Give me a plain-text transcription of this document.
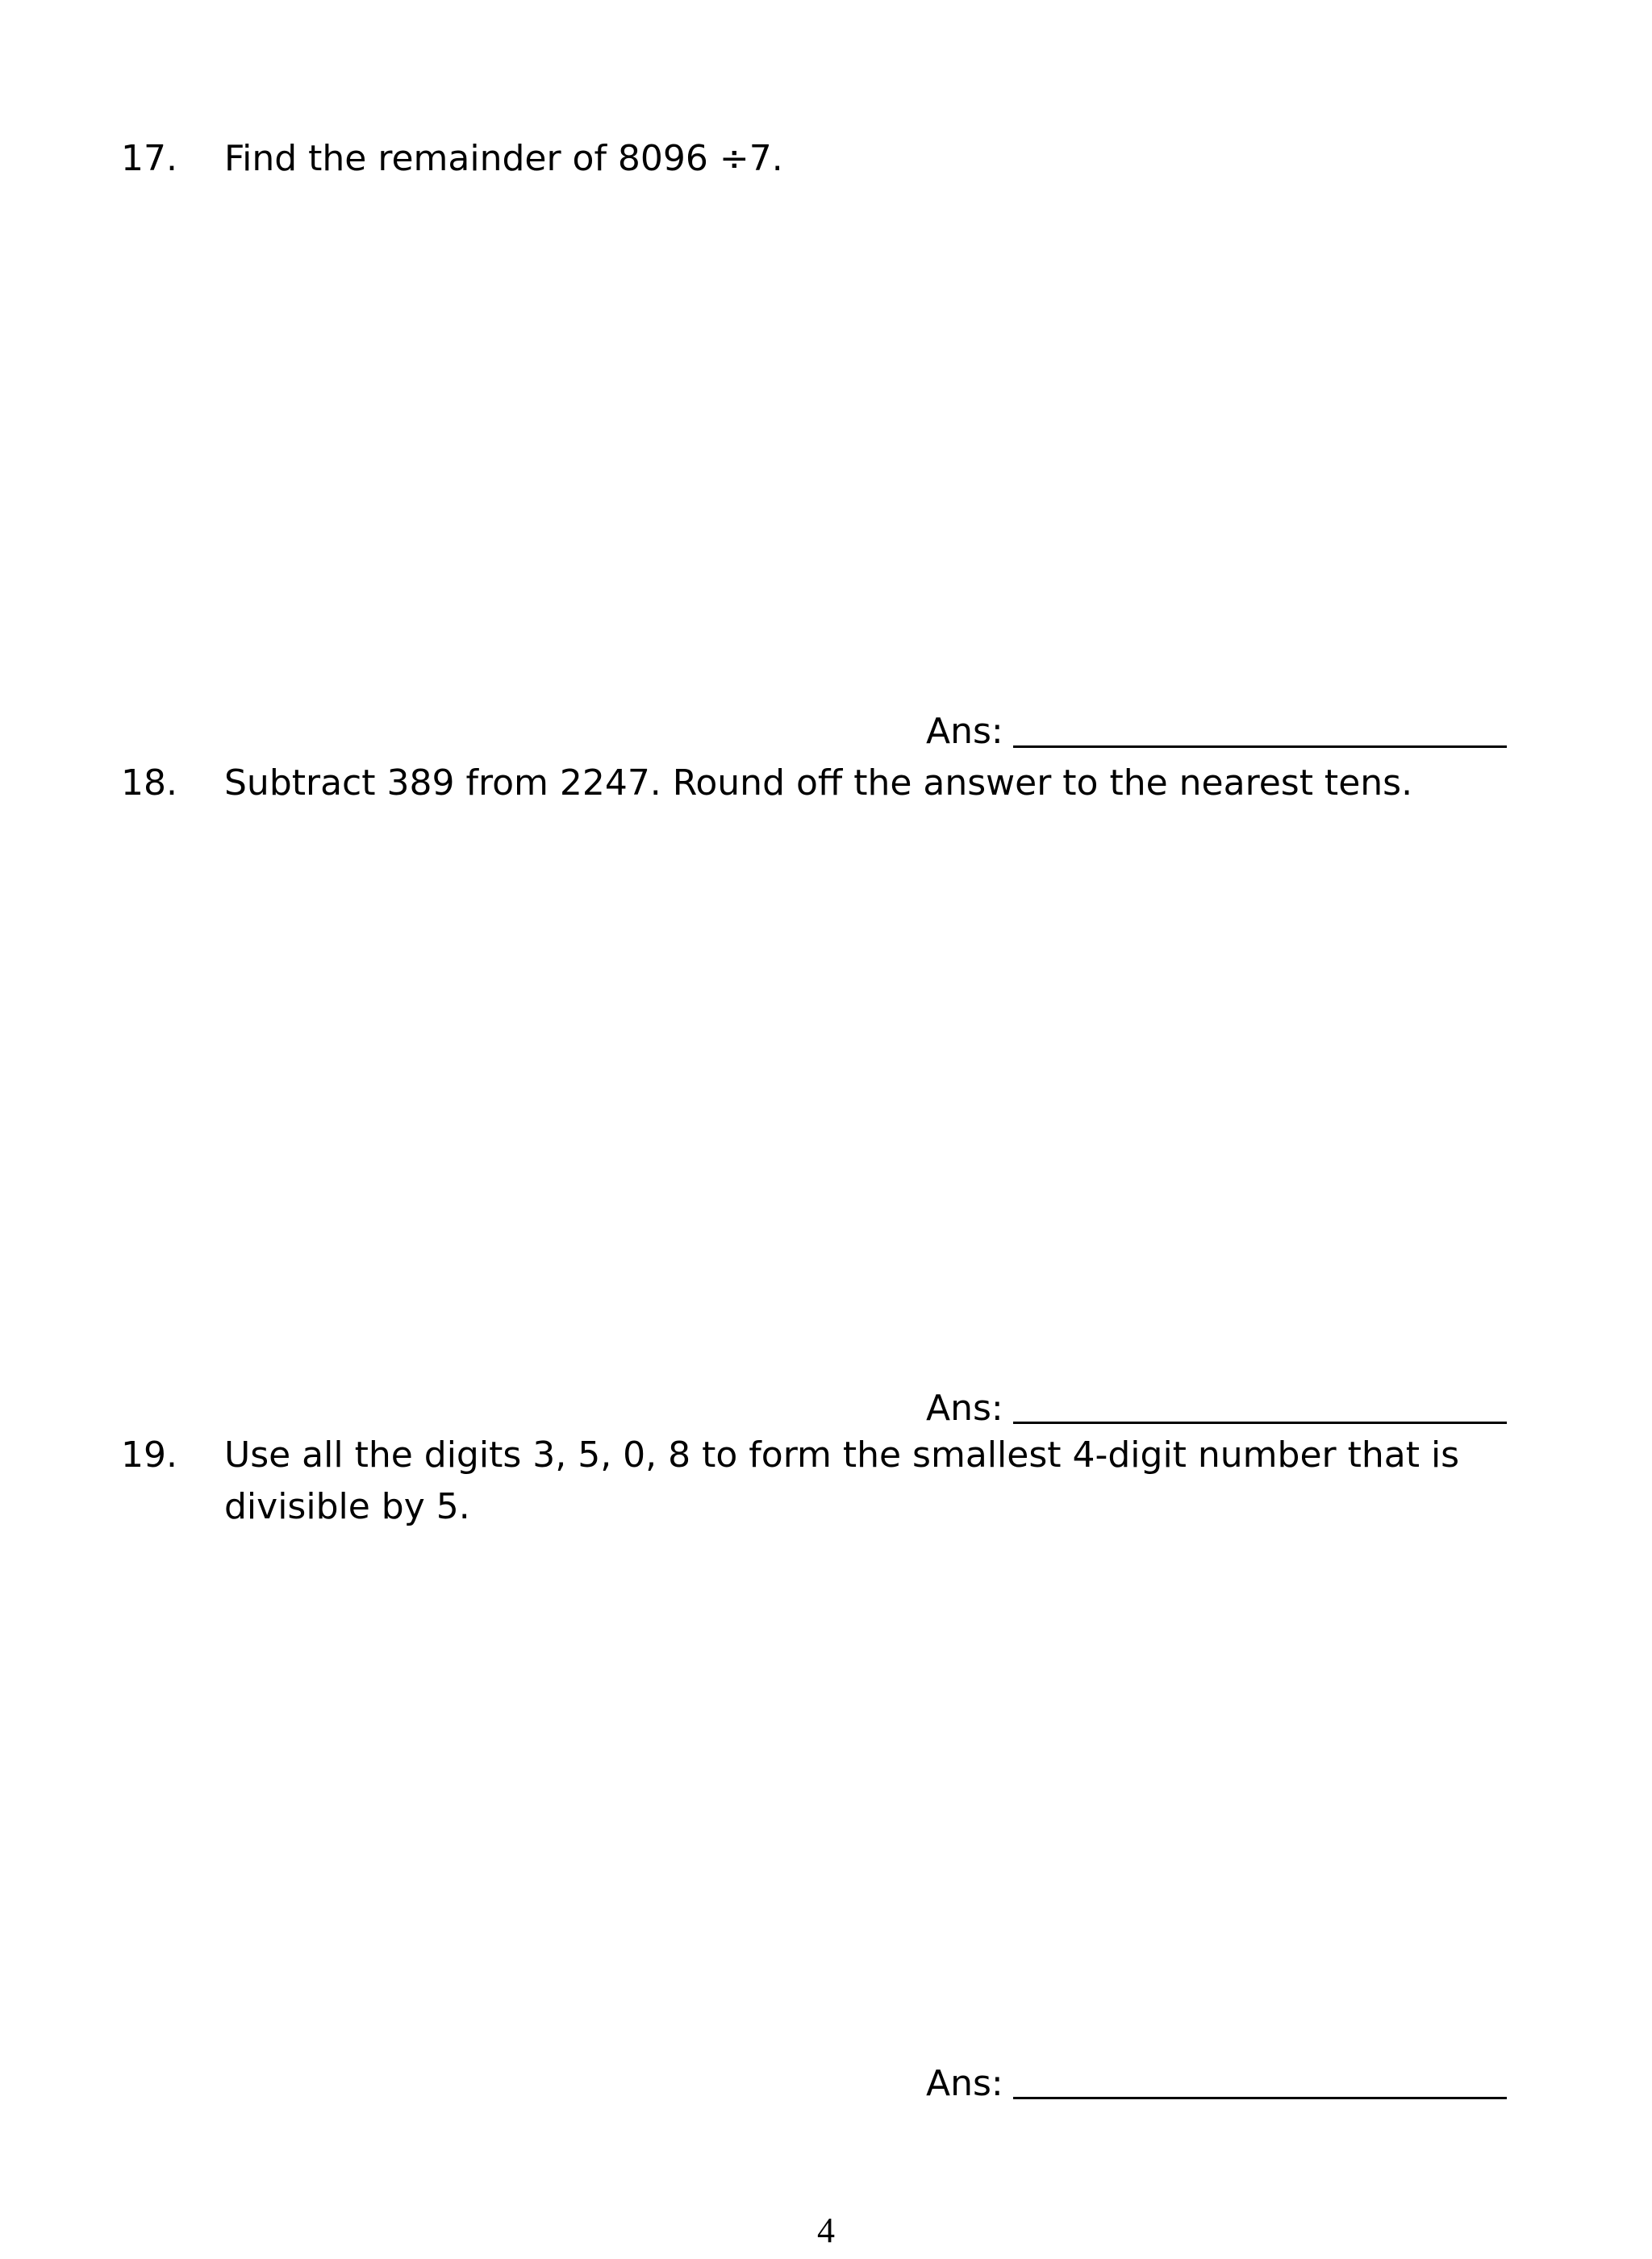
17. Find the remainder of 8096 ÷7.
Ans:
18. Subtract 389 from 2247. Round off the answer to the nearest tens.
Ans:
19. Use all the digits 3, 5, 0, 8 to form the smallest 4-digit number that is
divisible by 5.
Ans:
4
